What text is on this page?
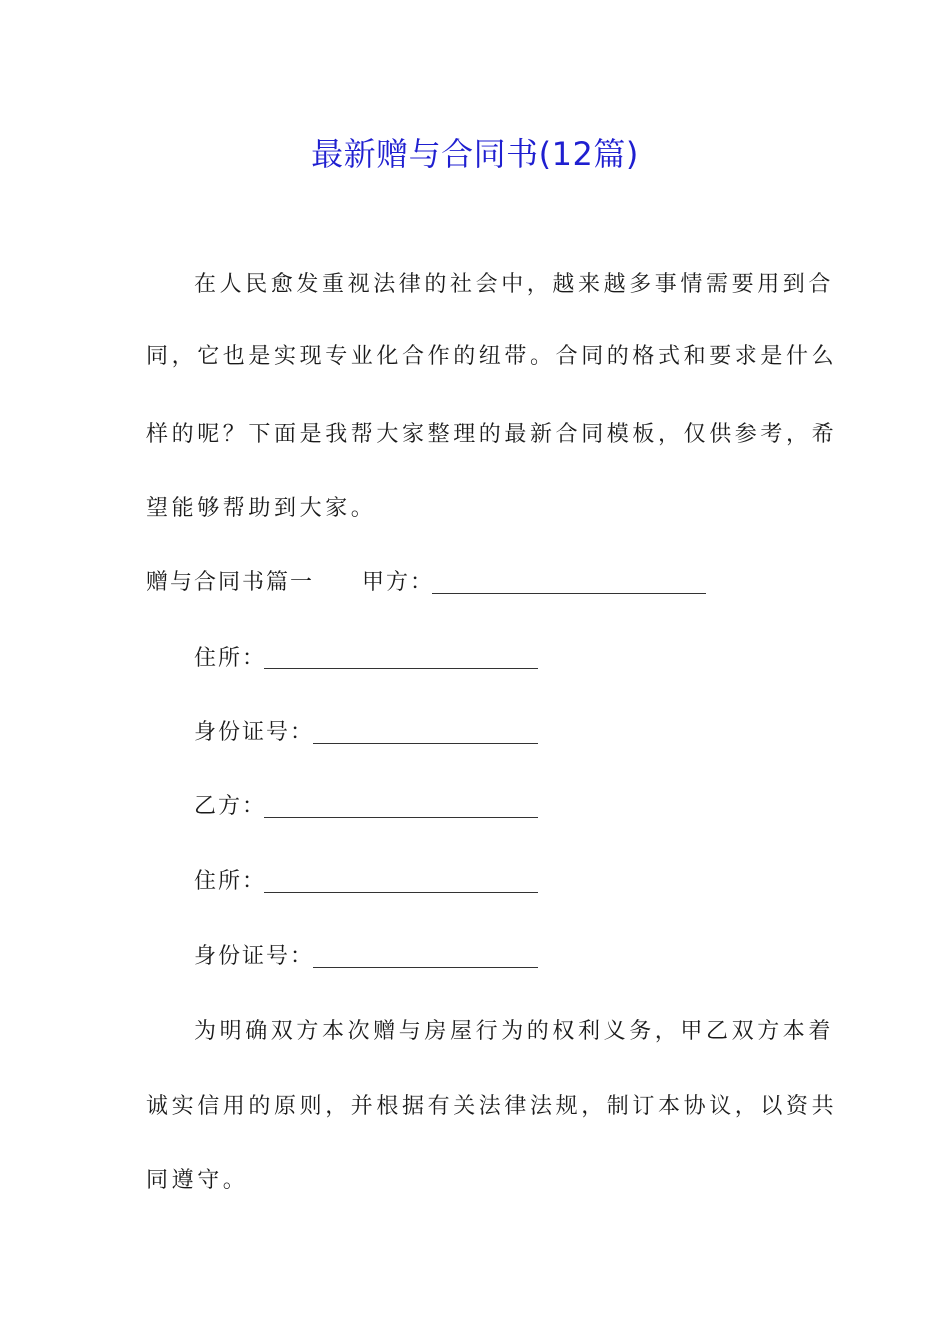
最新赠与合同书(12篇)
在人民愈发重视法律的社会中，越来越多事情需要用到合
同，它也是实现专业化合作的纽带。合同的格式和要求是什么
样的呢？下面是我帮大家整理的最新合同模板，仅供参考，希
望能够帮助到大家。
赠与合同书篇一 甲方：
住所：
身份证号：
乙方：
住所：
身份证号：
为明确双方本次赠与房屋行为的权利义务，甲乙双方本着
诚实信用的原则，并根据有关法律法规，制订本协议，以资共
同遵守。
